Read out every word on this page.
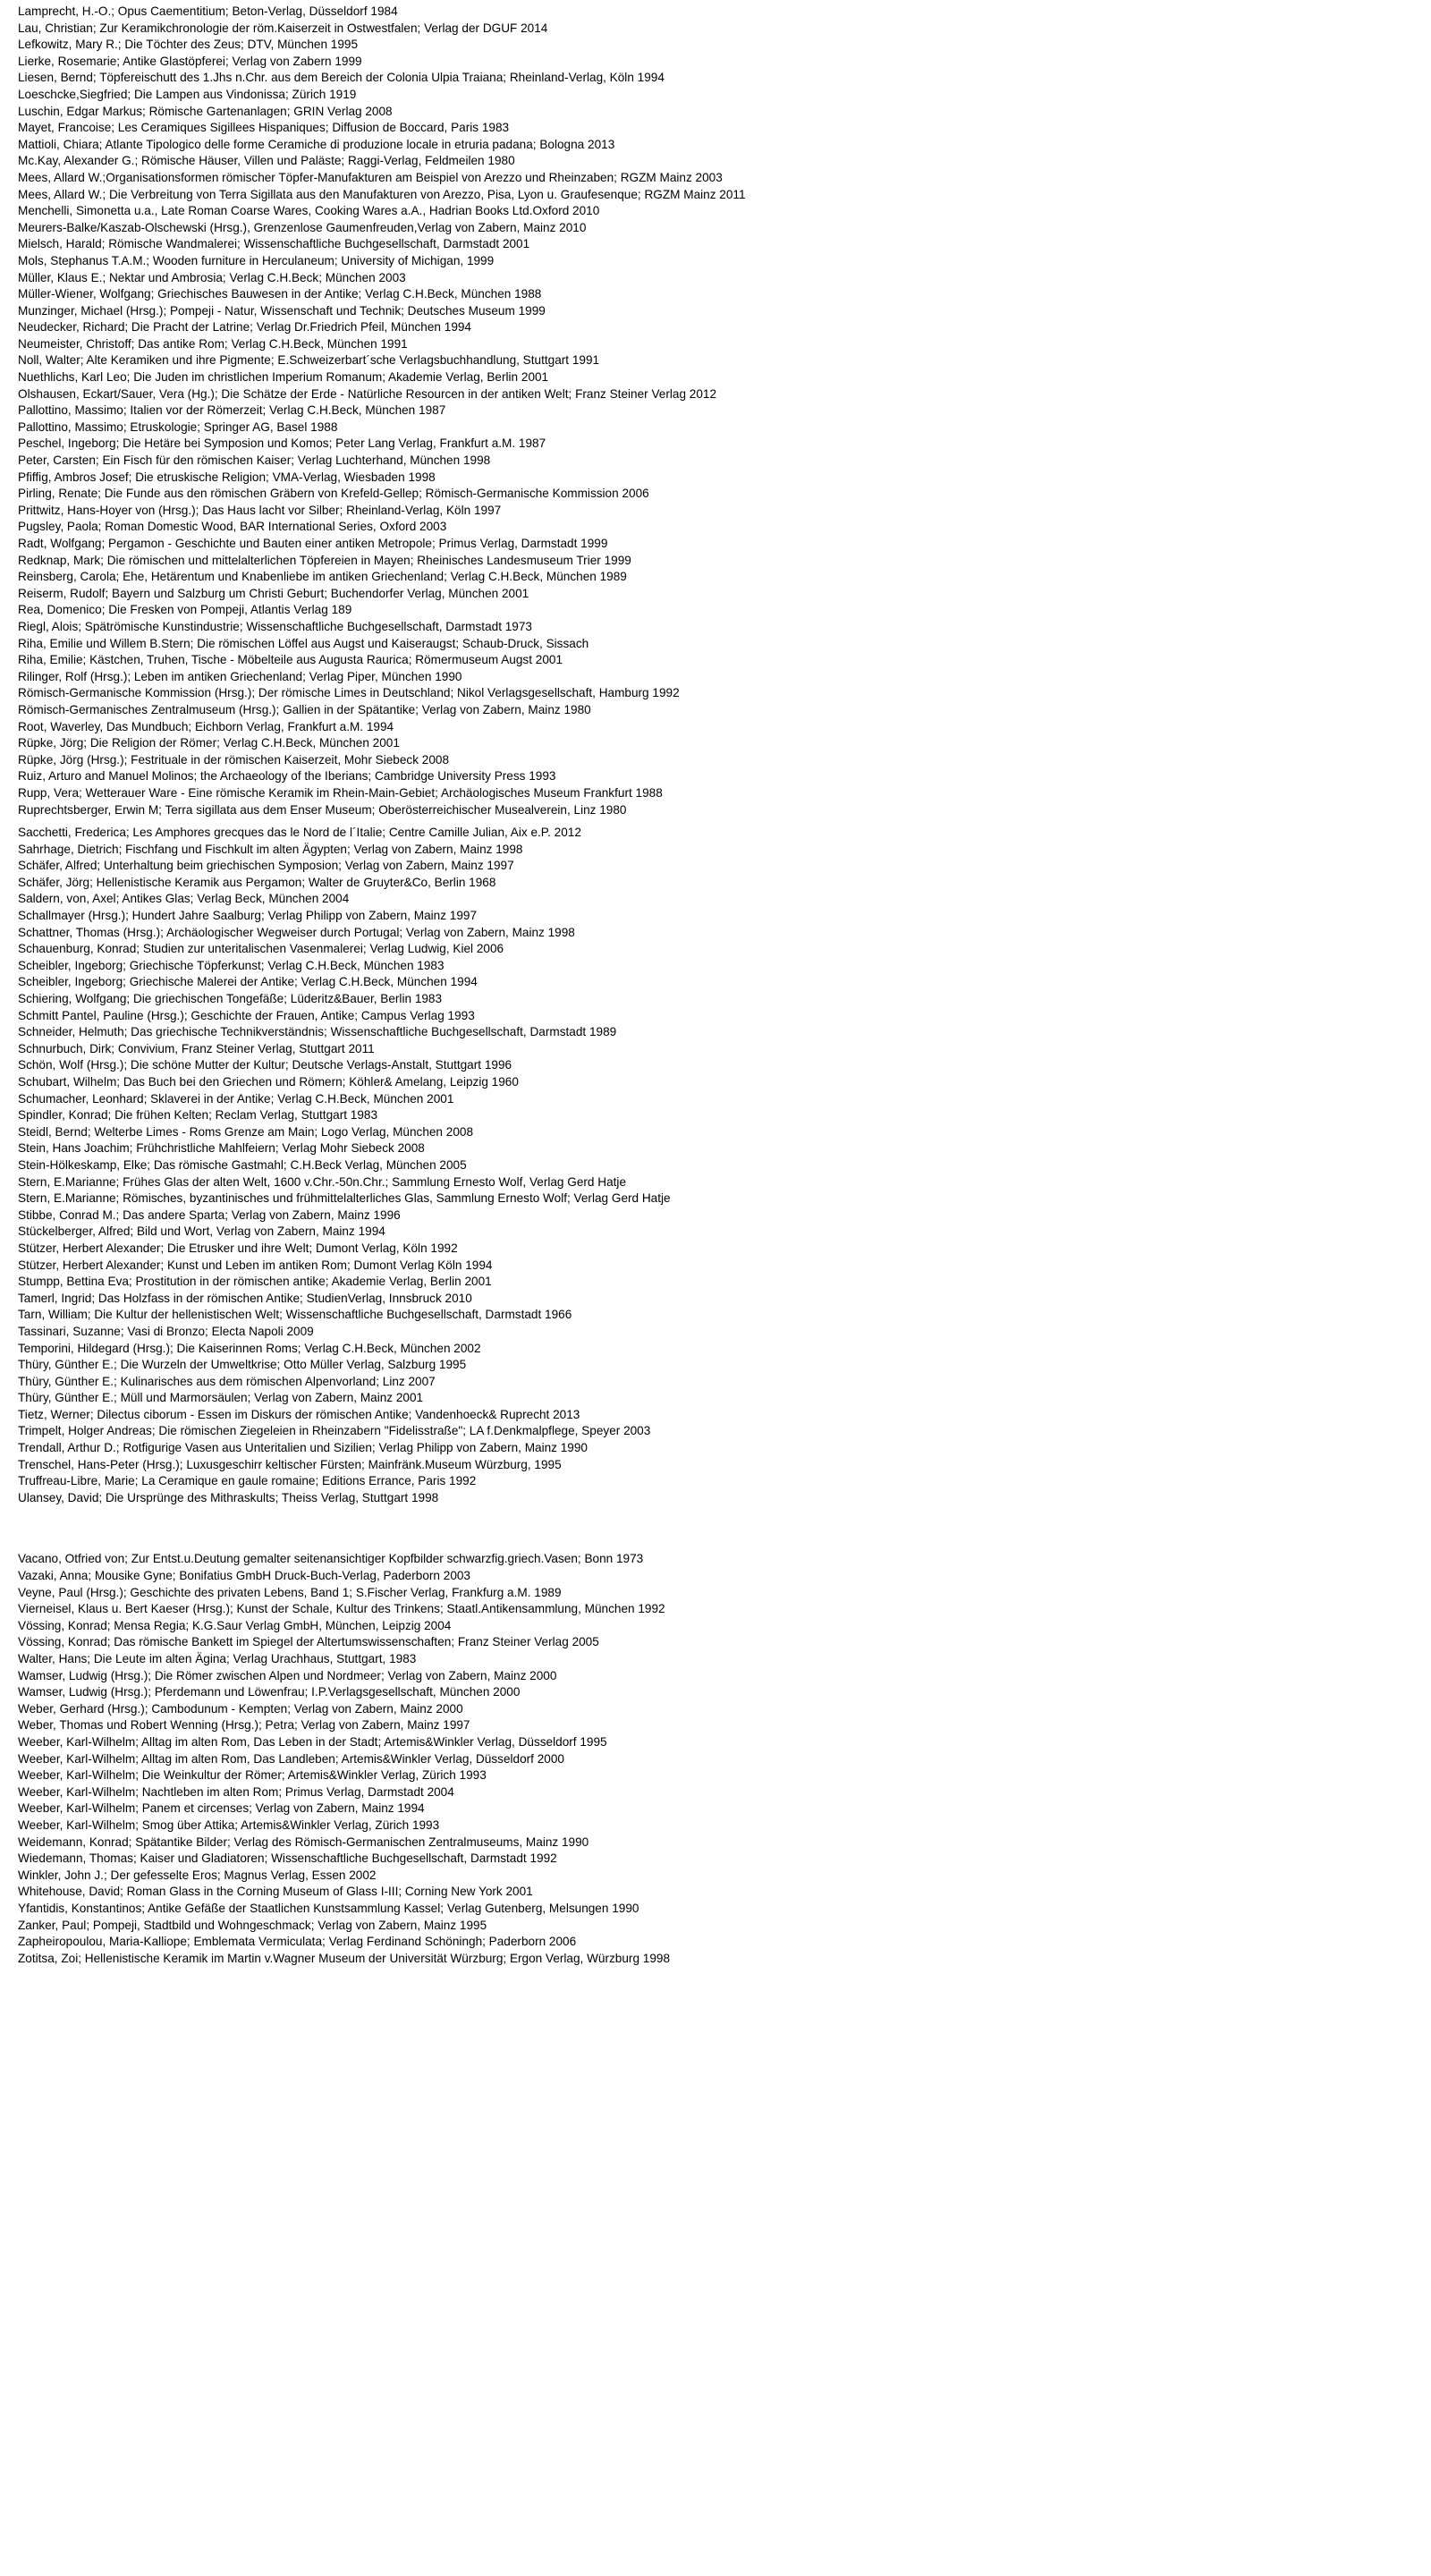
Lamprecht, H.-O.; Opus Caementitium; Beton-Verlag, Düsseldorf 1984
Lau, Christian; Zur Keramikchronologie der röm.Kaiserzeit in Ostwestfalen; Verlag der DGUF 2014
Lefkowitz, Mary R.; Die Töchter des Zeus; DTV, München 1995
Lierke, Rosemarie; Antike Glastöpferei; Verlag von Zabern 1999
Liesen, Bernd; Töpfereischutt des 1.Jhs n.Chr. aus dem Bereich der Colonia Ulpia Traiana; Rheinland-Verlag, Köln 1994
Loeschcke,Siegfried; Die Lampen aus Vindonissa; Zürich 1919
Luschin, Edgar Markus; Römische Gartenanlagen; GRIN Verlag 2008
Mayet, Francoise; Les Ceramiques Sigillees Hispaniques; Diffusion de Boccard, Paris 1983
Mattioli, Chiara; Atlante Tipologico delle forme Ceramiche di produzione locale in etruria padana; Bologna 2013
Mc.Kay, Alexander G.; Römische Häuser, Villen und Paläste; Raggi-Verlag, Feldmeilen 1980
Mees, Allard W.;Organisationsformen römischer Töpfer-Manufakturen am Beispiel von Arezzo und Rheinzaben; RGZM Mainz 2003
Mees, Allard W.; Die Verbreitung von Terra Sigillata aus den Manufakturen von Arezzo, Pisa, Lyon u. Graufesenque; RGZM Mainz 2011
Menchelli, Simonetta u.a., Late Roman Coarse Wares, Cooking Wares a.A., Hadrian Books Ltd.Oxford 2010
Meurers-Balke/Kaszab-Olschewski (Hrsg.), Grenzenlose Gaumenfreuden,Verlag von Zabern, Mainz 2010
Mielsch, Harald; Römische Wandmalerei; Wissenschaftliche Buchgesellschaft, Darmstadt 2001
Mols, Stephanus T.A.M.; Wooden furniture in Herculaneum; University of Michigan, 1999
Müller, Klaus E.; Nektar und Ambrosia; Verlag C.H.Beck; München 2003
Müller-Wiener, Wolfgang; Griechisches Bauwesen in der Antike; Verlag C.H.Beck, München 1988
Munzinger, Michael (Hrsg.); Pompeji - Natur, Wissenschaft und Technik; Deutsches Museum 1999
Neudecker, Richard; Die Pracht der Latrine; Verlag Dr.Friedrich Pfeil, München 1994
Neumeister, Christoff; Das antike Rom; Verlag C.H.Beck, München 1991
Noll, Walter; Alte Keramiken und ihre Pigmente; E.Schweizerbart´sche Verlagsbuchhandlung, Stuttgart 1991
Nuethlichs, Karl Leo; Die Juden im christlichen Imperium Romanum; Akademie Verlag, Berlin 2001
Olshausen, Eckart/Sauer, Vera (Hg.); Die Schätze der Erde - Natürliche Resourcen in der antiken Welt; Franz Steiner Verlag 2012
Pallottino, Massimo; Italien vor der Römerzeit; Verlag C.H.Beck, München 1987
Pallottino, Massimo; Etruskologie; Springer AG, Basel 1988
Peschel, Ingeborg; Die Hetäre bei Symposion und Komos; Peter Lang Verlag, Frankfurt a.M. 1987
Peter, Carsten; Ein Fisch für den römischen Kaiser; Verlag Luchterhand, München 1998
Pfiffig, Ambros Josef; Die etruskische Religion; VMA-Verlag, Wiesbaden 1998
Pirling, Renate; Die Funde aus den römischen Gräbern von Krefeld-Gellep; Römisch-Germanische Kommission 2006
Prittwitz, Hans-Hoyer von (Hrsg.); Das Haus lacht vor Silber; Rheinland-Verlag, Köln 1997
Pugsley, Paola; Roman Domestic Wood, BAR International Series, Oxford 2003
Radt, Wolfgang; Pergamon - Geschichte und Bauten einer antiken Metropole; Primus Verlag, Darmstadt 1999
Redknap, Mark; Die römischen und mittelalterlichen Töpfereien in Mayen; Rheinisches Landesmuseum Trier 1999
Reinsberg, Carola; Ehe, Hetärentum und Knabenliebe im antiken Griechenland; Verlag C.H.Beck, München 1989
Reiserm, Rudolf; Bayern und Salzburg um Christi Geburt; Buchendorfer Verlag, München 2001
Rea, Domenico; Die Fresken von Pompeji, Atlantis Verlag 189
Riegl, Alois; Spätrömische Kunstindustrie; Wissenschaftliche Buchgesellschaft, Darmstadt 1973
Riha, Emilie und Willem B.Stern; Die römischen Löffel aus Augst und Kaiseraugst; Schaub-Druck, Sissach
Riha, Emilie; Kästchen, Truhen, Tische - Möbelteile aus Augusta Raurica; Römermuseum Augst 2001
Rilinger, Rolf (Hrsg.); Leben im antiken Griechenland; Verlag Piper, München 1990
Römisch-Germanische Kommission (Hrsg.); Der römische Limes in Deutschland; Nikol Verlagsgesellschaft, Hamburg 1992
Römisch-Germanisches Zentralmuseum (Hrsg.); Gallien in der Spätantike; Verlag von Zabern, Mainz 1980
Root, Waverley, Das Mundbuch; Eichborn Verlag, Frankfurt a.M. 1994
Rüpke, Jörg; Die Religion der Römer; Verlag C.H.Beck, München 2001
Rüpke, Jörg (Hrsg.); Festrituale in der römischen Kaiserzeit, Mohr Siebeck 2008
Ruiz, Arturo and Manuel Molinos; the Archaeology of the Iberians; Cambridge University Press 1993
Rupp, Vera; Wetterauer Ware - Eine römische Keramik im Rhein-Main-Gebiet; Archäologisches Museum Frankfurt 1988
Ruprechtsberger, Erwin M; Terra sigillata aus dem Enser Museum; Oberösterreichischer Musealverein, Linz 1980
Sacchetti, Frederica; Les Amphores grecques das le Nord de l´Italie; Centre Camille Julian, Aix e.P. 2012
Sahrhage, Dietrich; Fischfang und Fischkult im alten Ägypten; Verlag von Zabern, Mainz 1998
Schäfer, Alfred; Unterhaltung beim griechischen Symposion; Verlag von Zabern, Mainz 1997
Schäfer, Jörg; Hellenistische Keramik aus Pergamon; Walter de Gruyter&Co, Berlin 1968
Saldern, von, Axel; Antikes Glas; Verlag Beck, München 2004
Schallmayer (Hrsg.); Hundert Jahre Saalburg; Verlag Philipp von Zabern, Mainz 1997
Schattner, Thomas (Hrsg.); Archäologischer Wegweiser durch Portugal; Verlag von Zabern, Mainz 1998
Schauenburg, Konrad; Studien zur unteritalischen Vasenmalerei; Verlag Ludwig, Kiel 2006
Scheibler, Ingeborg; Griechische Töpferkunst; Verlag C.H.Beck, München 1983
Scheibler, Ingeborg; Griechische Malerei der Antike; Verlag C.H.Beck, München 1994
Schiering, Wolfgang; Die griechischen Tongefäße; Lüderitz&Bauer, Berlin 1983
Schmitt Pantel, Pauline (Hrsg.); Geschichte der Frauen, Antike; Campus Verlag 1993
Schneider, Helmuth; Das griechische Technikverständnis; Wissenschaftliche Buchgesellschaft, Darmstadt 1989
Schnurbuch, Dirk; Convivium, Franz Steiner Verlag, Stuttgart 2011
Schön, Wolf (Hrsg.); Die schöne Mutter der Kultur; Deutsche Verlags-Anstalt, Stuttgart 1996
Schubart, Wilhelm; Das Buch bei den Griechen und Römern; Köhler& Amelang, Leipzig 1960
Schumacher, Leonhard; Sklaverei in der Antike; Verlag C.H.Beck, München 2001
Spindler, Konrad; Die frühen Kelten; Reclam Verlag, Stuttgart 1983
Steidl, Bernd; Welterbe Limes - Roms Grenze am Main; Logo Verlag, München 2008
Stein, Hans Joachim; Frühchristliche Mahlfeiern; Verlag Mohr Siebeck 2008
Stein-Hölkeskamp, Elke; Das römische Gastmahl; C.H.Beck Verlag, München 2005
Stern, E.Marianne; Frühes Glas der alten Welt, 1600 v.Chr.-50n.Chr.; Sammlung Ernesto Wolf, Verlag Gerd Hatje
Stern, E.Marianne; Römisches, byzantinisches und frühmittelalterliches Glas, Sammlung Ernesto Wolf; Verlag Gerd Hatje
Stibbe, Conrad M.; Das andere Sparta; Verlag von Zabern, Mainz 1996
Stückelberger, Alfred; Bild und Wort, Verlag von Zabern, Mainz 1994
Stützer, Herbert Alexander; Die Etrusker und ihre Welt; Dumont Verlag, Köln 1992
Stützer, Herbert Alexander; Kunst und Leben im antiken Rom; Dumont Verlag Köln 1994
Stumpp, Bettina Eva; Prostitution in der römischen antike; Akademie Verlag, Berlin 2001
Tamerl, Ingrid; Das Holzfass in der römischen Antike; StudienVerlag, Innsbruck 2010
Tarn, William; Die Kultur der hellenistischen Welt; Wissenschaftliche Buchgesellschaft, Darmstadt 1966
Tassinari, Suzanne; Vasi di Bronzo; Electa Napoli 2009
Temporini, Hildegard (Hrsg.); Die Kaiserinnen Roms; Verlag C.H.Beck, München 2002
Thüry, Günther E.; Die Wurzeln der Umweltkrise; Otto Müller Verlag, Salzburg 1995
Thüry, Günther E.; Kulinarisches aus dem römischen Alpenvorland; Linz 2007
Thüry, Günther E.; Müll und Marmorsäulen; Verlag von Zabern, Mainz 2001
Tietz, Werner; Dilectus ciborum - Essen im Diskurs der römischen Antike; Vandenhoeck& Ruprecht 2013
Trimpelt, Holger Andreas; Die römischen Ziegeleien in Rheinzabern "Fidelisstraße"; LA f.Denkmalpflege, Speyer 2003
Trendall, Arthur D.; Rotfigurige Vasen aus Unteritalien und Sizilien; Verlag Philipp von Zabern, Mainz 1990
Trenschel, Hans-Peter (Hrsg.); Luxusgeschirr keltischer Fürsten; Mainfränk.Museum Würzburg, 1995
Truffreau-Libre, Marie; La Ceramique en gaule romaine; Editions Errance, Paris 1992
Ulansey, David; Die Ursprünge des Mithraskults; Theiss Verlag, Stuttgart 1998
Vacano, Otfried von; Zur Entst.u.Deutung gemalter seitenansichtiger Kopfbilder schwarzfig.griech.Vasen; Bonn 1973
Vazaki, Anna; Mousike Gyne; Bonifatius GmbH Druck-Buch-Verlag, Paderborn 2003
Veyne, Paul (Hrsg.); Geschichte des privaten Lebens, Band 1; S.Fischer Verlag, Frankfurg a.M. 1989
Vierneisel, Klaus u. Bert Kaeser (Hrsg.); Kunst der Schale, Kultur des Trinkens; Staatl.Antikensammlung, München 1992
Vössing, Konrad; Mensa Regia; K.G.Saur Verlag GmbH, München, Leipzig 2004
Vössing, Konrad; Das römische Bankett im Spiegel der Altertumswissenschaften; Franz Steiner Verlag 2005
Walter, Hans; Die Leute im alten Ägina; Verlag Urachhaus, Stuttgart, 1983
Wamser, Ludwig (Hrsg.); Die Römer zwischen Alpen und Nordmeer; Verlag von Zabern, Mainz 2000
Wamser, Ludwig (Hrsg.); Pferdemann und Löwenfrau; I.P.Verlagsgesellschaft, München 2000
Weber, Gerhard (Hrsg.); Cambodunum - Kempten; Verlag von Zabern, Mainz 2000
Weber, Thomas und Robert Wenning (Hrsg.); Petra; Verlag von Zabern, Mainz 1997
Weeber, Karl-Wilhelm; Alltag im alten Rom, Das Leben in der Stadt; Artemis&Winkler Verlag, Düsseldorf 1995
Weeber, Karl-Wilhelm; Alltag im alten Rom, Das Landleben; Artemis&Winkler Verlag, Düsseldorf 2000
Weeber, Karl-Wilhelm; Die Weinkultur der Römer; Artemis&Winkler Verlag, Zürich 1993
Weeber, Karl-Wilhelm; Nachtleben im alten Rom; Primus Verlag, Darmstadt 2004
Weeber, Karl-Wilhelm; Panem et circenses; Verlag von Zabern, Mainz 1994
Weeber, Karl-Wilhelm; Smog über Attika; Artemis&Winkler Verlag, Zürich 1993
Weidemann, Konrad; Spätantike Bilder; Verlag des Römisch-Germanischen Zentralmuseums, Mainz 1990
Wiedemann, Thomas; Kaiser und Gladiatoren; Wissenschaftliche Buchgesellschaft, Darmstadt 1992
Winkler, John J.; Der gefesselte Eros; Magnus Verlag, Essen 2002
Whitehouse, David; Roman Glass in the Corning Museum of Glass I-III; Corning New York 2001
Yfantidis, Konstantinos; Antike Gefäße der Staatlichen Kunstsammlung Kassel; Verlag Gutenberg, Melsungen 1990
Zanker, Paul; Pompeji, Stadtbild und Wohngeschmack; Verlag von Zabern, Mainz 1995
Zapheiropoulou, Maria-Kalliope; Emblemata Vermiculata; Verlag Ferdinand Schöningh; Paderborn 2006
Zotitsa, Zoi; Hellenistische Keramik im Martin v.Wagner Museum der Universität Würzburg; Ergon Verlag, Würzburg 1998
